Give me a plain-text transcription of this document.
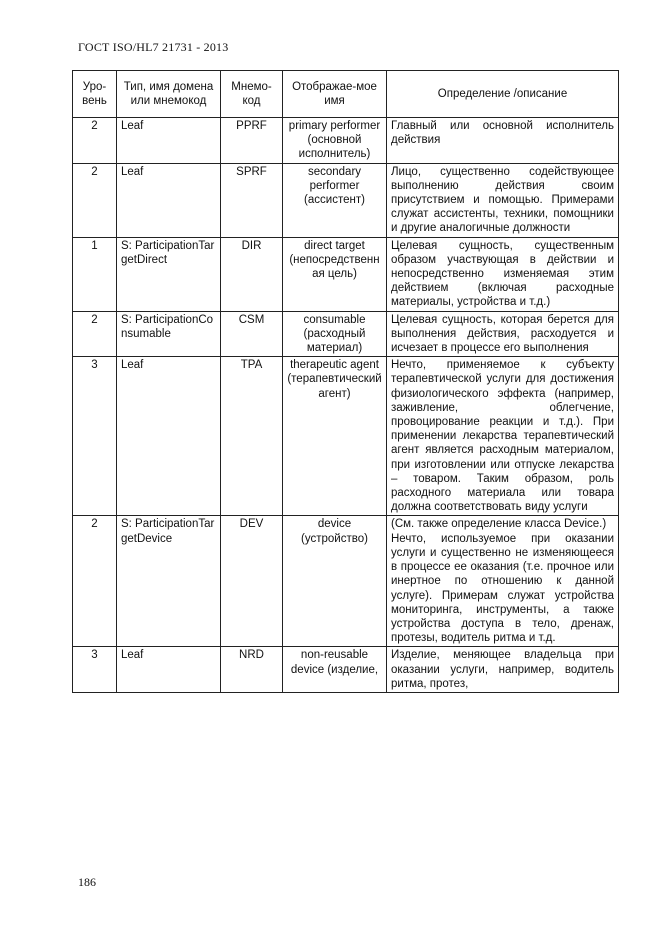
ГОСТ ISO/HL7 21731 - 2013
Уро-вень	Тип, имя домена или мнемокод	Мнемо-код	Отображае-мое имя	Определение /описание
2	Leaf	PPRF	primary performer (основной исполнитель)	Главный или основной исполнитель действия
2	Leaf	SPRF	secondary performer (ассистент)	Лицо, существенно содействующее выполнению действия своим присутствием и помощью. Примерами служат ассистенты, техники, помощники и другие аналогичные должности
1	S: ParticipationTargetDirect	DIR	direct target (непосредственная цель)	Целевая сущность, существенным образом участвующая в действии и непосредственно изменяемая этим действием (включая расходные материалы, устройства и т.д.)
2	S: ParticipationConsumable	CSM	consumable (расходный материал)	Целевая сущность, которая берется для выполнения действия, расходуется и исчезает в процессе его выполнения
3	Leaf	TPA	therapeutic agent (терапевтический агент)	Нечто, применяемое к субъекту терапевтической услуги для достижения физиологического эффекта (например, заживление, облегчение, провоцирование реакции и т.д.). При применении лекарства терапевтический агент является расходным материалом, при изготовлении или отпуске лекарства – товаром. Таким образом, роль расходного материала или товара должна соответствовать виду услуги
2	S: ParticipationTargetDevice	DEV	device (устройство)	(См. также определение класса Device.)
Нечто, используемое при оказании услуги и существенно не изменяющееся в процессе ее оказания (т.е. прочное или инертное по отношению к данной услуге). Примерам служат устройства мониторинга, инструменты, а также устройства доступа в тело, дренаж, протезы, водитель ритма и т.д.

3	Leaf	NRD	non-reusable device (изделие,	Изделие, меняющее владельца при оказании услуги, например, водитель ритма, протез,
186
